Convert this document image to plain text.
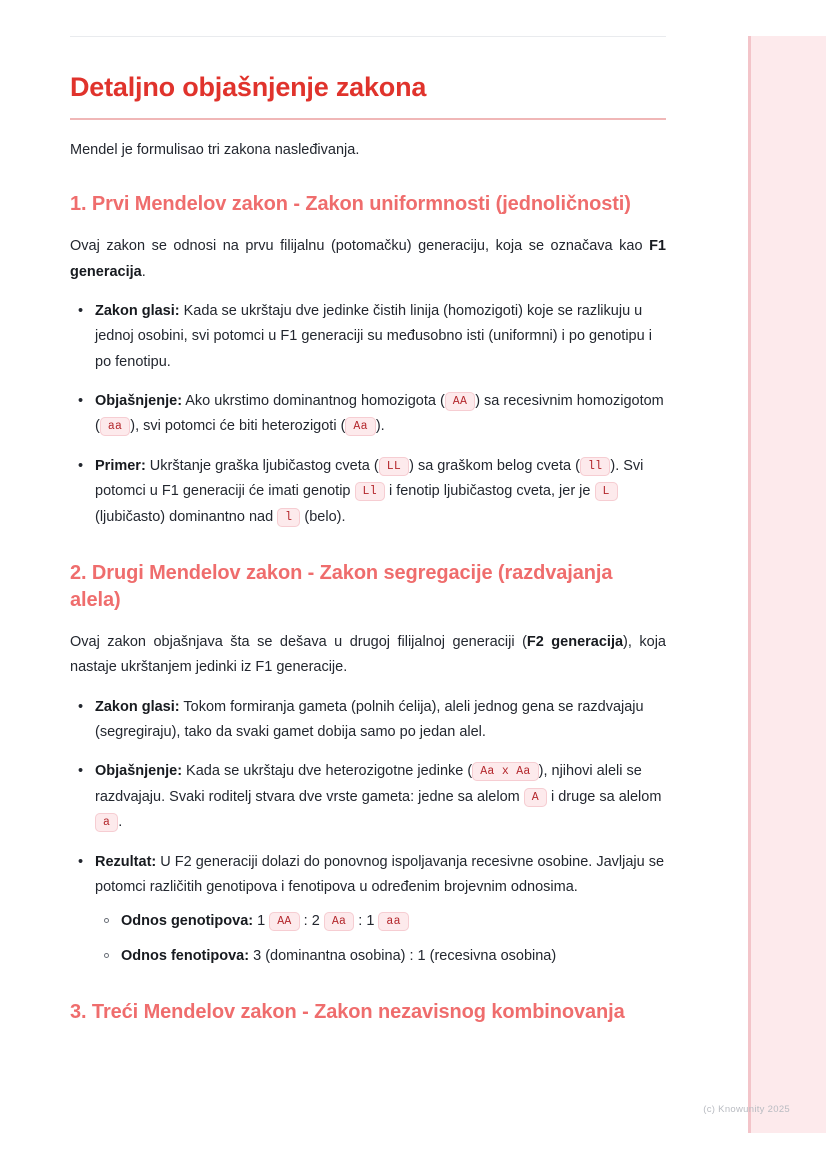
Detaljno objašnjenje zakona

Mendel je formulisao tri zakona nasleđivanja.

1. Prvi Mendelov zakon - Zakon uniformnosti (jednoličnosti)

Ovaj zakon se odnosi na prvu filijalnu (potomačku) generaciju, koja se označava kao F1 generacija.

• Zakon glasi: Kada se ukrštaju dve jedinke čistih linija (homozigoti) koje se razlikuju u jednoj osobini, svi potomci u F1 generaciji su međusobno isti (uniformni) i po genotipu i po fenotipu.
• Objašnjenje: Ako ukrstimo dominantnog homozigota ( AA ) sa recesivnim homozigotom ( aa ), svi potomci će biti heterozigoti ( Aa ).
• Primer: Ukrštanje graška ljubičastog cveta ( LL ) sa graškom belog cveta ( ll ). Svi potomci u F1 generaciji će imati genotip Ll i fenotip ljubičastog cveta, jer je L (ljubičasto) dominantno nad l (belo).
2. Drugi Mendelov zakon - Zakon segregacije (razdvajanja alela)

Ovaj zakon objašnjava šta se dešava u drugoj filijalnoj generaciji (F2 generacija), koja nastaje ukrštanjem jedinki iz F1 generacije.

• Zakon glasi: Tokom formiranja gameta (polnih ćelija), aleli jednog gena se razdvajaju (segregiraju), tako da svaki gamet dobija samo po jedan alel.
• Objašnjenje: Kada se ukrštaju dve heterozigotne jedinke ( Aa x Aa ), njihovi aleli se razdvajaju. Svaki roditelj stvara dve vrste gameta: jedne sa alelom A i druge sa alelom a .
• Rezultat: U F2 generaciji dolazi do ponovnog ispoljavanja recesivne osobine. Javljaju se potomci različitih genotipova i fenotipova u određenim brojevnim odnosima.
Odnos genotipova: 1 AA : 2 Aa : 1 aa
Odnos fenotipova: 3 (dominantna osobina) : 1 (recesivna osobina)
3. Treći Mendelov zakon - Zakon nezavisnog kombinovanja
(c) Knowunity 2025
